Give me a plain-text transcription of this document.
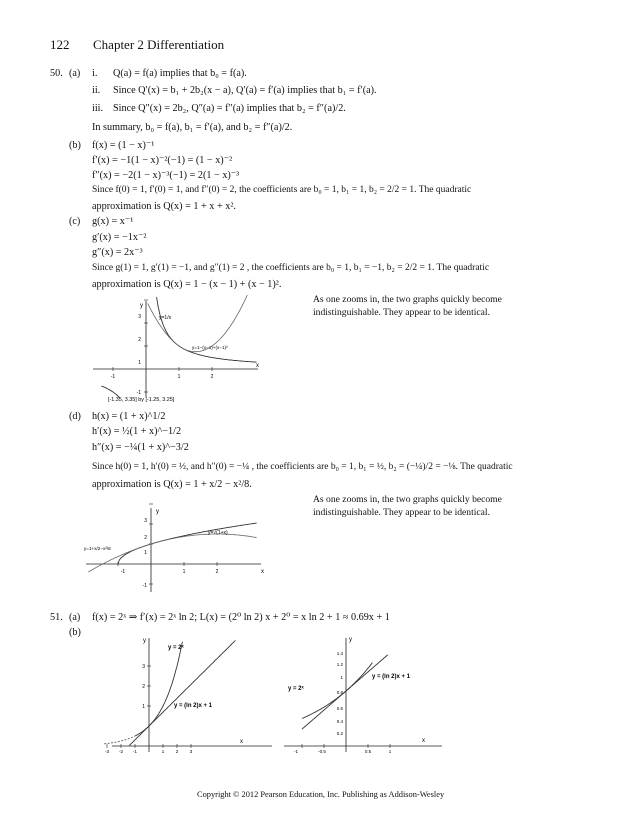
122 Chapter 2 Differentiation
50. (a) i. Q(a) = f(a) implies that b₀ = f(a).
ii. Since Q′(x) = b₁ + 2b₂(x − a), Q′(a) = f′(a) implies that b₁ = f′(a).
iii. Since Q″(x) = 2b₂, Q″(a) = f″(a) implies that b₂ = f″(a)/2.
In summary, b₀ = f(a), b₁ = f′(a), and b₂ = f″(a)/2.
(b) f(x) = (1 − x)⁻¹
f′(x) = −1(1 − x)⁻²(−1) = (1 − x)⁻²
f″(x) = −2(1 − x)⁻³(−1) = 2(1 − x)⁻³
Since f(0) = 1, f′(0) = 1, and f″(0) = 2, the coefficients are b₀ = 1, b₁ = 1, b₂ = 2/2 = 1. The quadratic
approximation is Q(x) = 1 + x + x².
(c) g(x) = x⁻¹
g′(x) = −1x⁻²
g″(x) = 2x⁻³
Since g(1) = 1, g′(1) = −1, and g″(1) = 2 , the coefficients are b₀ = 1, b₁ = −1, b₂ = 2/2 = 1. The quadratic
approximation is Q(x) = 1 − (x − 1) + (x − 1)².
As one zooms in, the two graphs quickly become
indistinguishable. They appear to be identical.
y
x
-1	1	2
3
2
1
-1
y=1/x
y=1−(x−1)+(x−1)²
[-1.35, 3.35] by [-1.25, 3.25]
(d) h(x) = (1 + x)^1/2
h′(x) = ½(1 + x)^−1/2
h″(x) = −¼(1 + x)^−3/2
Since h(0) = 1, h′(0) = ½, and h″(0) = −¼ , the coefficients are b₀ = 1, b₁ = ½, b₂ = (−¼)/2 = −⅛. The quadratic
approximation is Q(x) = 1 + x/2 − x²/8.
As one zooms in, the two graphs quickly become
indistinguishable. They appear to be identical.
y
x
-1	1	2
3
2
1
-1
y=√(1+x)
y=1+x/2−x²/8
51. (a) f(x) = 2ˣ ⇒ f′(x) = 2ˣ ln 2; L(x) = (2⁰ ln 2) x + 2⁰ = x ln 2 + 1 ≈ 0.69x + 1
(b)
y
x
-3 -2 -1	1	2	3
3
2
1
y = 2ˣ
y = (ln 2)x + 1
y
x
-1	-0.5	0.5	1
1.4
1.2
1
0.8
0.6
0.4
0.2
y = 2ˣ
y = (ln 2)x + 1
Copyright © 2012 Pearson Education, Inc. Publishing as Addison-Wesley
